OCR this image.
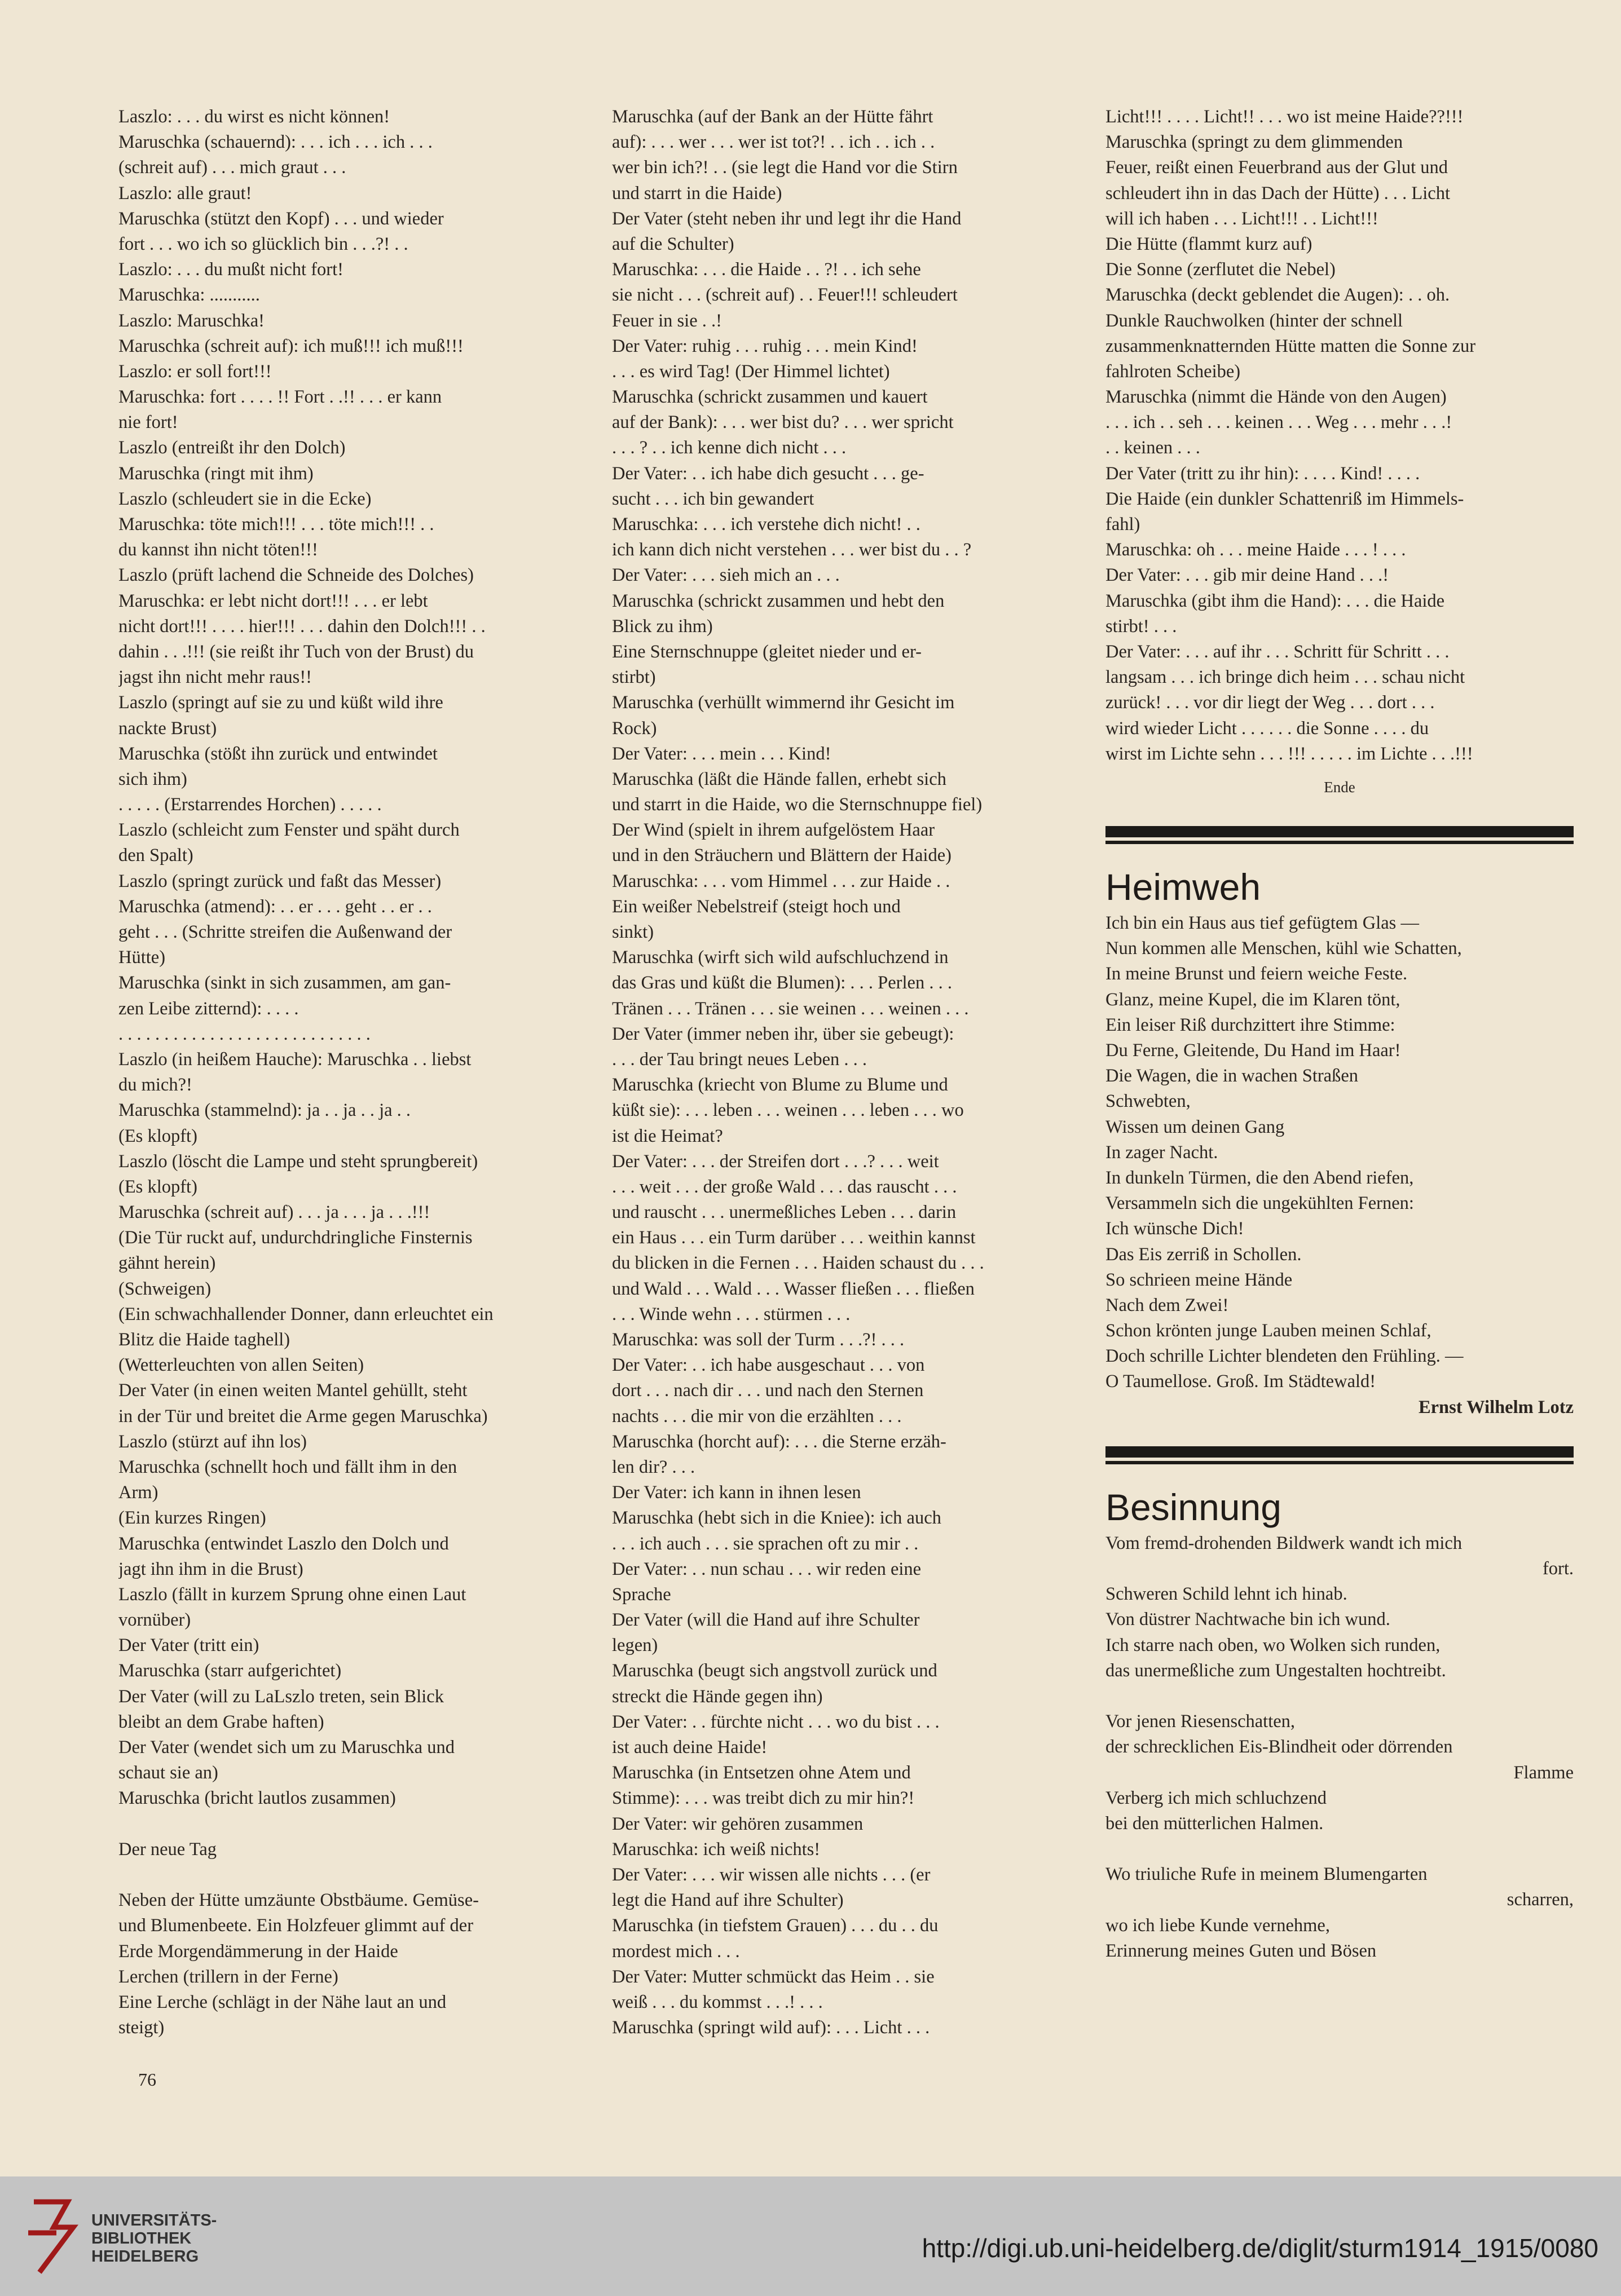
Laszlo: . . . du wirst es nicht können!
Maruschka (schauernd): . . . ich . . . ich . . .
(schreit auf) . . . mich graut . . .
Laszlo: alle graut!
Maruschka (stützt den Kopf) . . . und wieder
fort . . . wo ich so glücklich bin . . .?! . .
Laszlo: . . . du mußt nicht fort!
Maruschka: ...........
Laszlo: Maruschka!
Maruschka (schreit auf): ich muß!!! ich muß!!!
Laszlo: er soll fort!!!
Maruschka: fort . . . . !! Fort . .!! . . . er kann
nie fort!
Laszlo (entreißt ihr den Dolch)
Maruschka (ringt mit ihm)
Laszlo (schleudert sie in die Ecke)
Maruschka: töte mich!!! . . . töte mich!!! . .
du kannst ihn nicht töten!!!
Laszlo (prüft lachend die Schneide des Dolches)
Maruschka: er lebt nicht dort!!! . . . er lebt
nicht dort!!! . . . . hier!!! . . . dahin den Dolch!!! . .
dahin . . .!!! (sie reißt ihr Tuch von der Brust) du
jagst ihn nicht mehr raus!!
Laszlo (springt auf sie zu und küßt wild ihre
nackte Brust)
Maruschka (stößt ihn zurück und entwindet
sich ihm)
. . . . . (Erstarrendes Horchen) . . . . .
Laszlo (schleicht zum Fenster und späht durch
den Spalt)
Laszlo (springt zurück und faßt das Messer)
Maruschka (atmend): . . er . . . geht . . er . .
geht . . . (Schritte streifen die Außenwand der
Hütte)
Maruschka (sinkt in sich zusammen, am gan-
zen Leibe zitternd): . . . .
. . . . . . . . . . . . . . . . . . . . . . . . . . . .
Laszlo (in heißem Hauche): Maruschka . . liebst
du mich?!
Maruschka (stammelnd): ja . . ja . . ja . .
(Es klopft)
Laszlo (löscht die Lampe und steht sprungbereit)
(Es klopft)
Maruschka (schreit auf) . . . ja . . . ja . . .!!!
(Die Tür ruckt auf, undurchdringliche Finsternis
gähnt herein)
(Schweigen)
(Ein schwachhallender Donner, dann erleuchtet ein
Blitz die Haide taghell)
(Wetterleuchten von allen Seiten)
Der Vater (in einen weiten Mantel gehüllt, steht
in der Tür und breitet die Arme gegen Maruschka)
Laszlo (stürzt auf ihn los)
Maruschka (schnellt hoch und fällt ihm in den
Arm)
(Ein kurzes Ringen)
Maruschka (entwindet Laszlo den Dolch und
jagt ihn ihm in die Brust)
Laszlo (fällt in kurzem Sprung ohne einen Laut
vornüber)
Der Vater (tritt ein)
Maruschka (starr aufgerichtet)
Der Vater (will zu LaLszlo treten, sein Blick
bleibt an dem Grabe haften)
Der Vater (wendet sich um zu Maruschka und
schaut sie an)
Maruschka (bricht lautlos zusammen)
Der neue Tag
Neben der Hütte umzäunte Obstbäume. Gemüse-
und Blumenbeete. Ein Holzfeuer glimmt auf der
Erde Morgendämmerung in der Haide
Lerchen (trillern in der Ferne)
Eine Lerche (schlägt in der Nähe laut an und
steigt)
Maruschka (auf der Bank an der Hütte fährt
auf): . . . wer . . . wer ist tot?! . . ich . . ich . .
wer bin ich?! . . (sie legt die Hand vor die Stirn
und starrt in die Haide)
Der Vater (steht neben ihr und legt ihr die Hand
auf die Schulter)
Maruschka: . . . die Haide . . ?! . . ich sehe
sie nicht . . . (schreit auf) . . Feuer!!! schleudert
Feuer in sie . .!
Der Vater: ruhig . . . ruhig . . . mein Kind!
. . . es wird Tag! (Der Himmel lichtet)
Maruschka (schrickt zusammen und kauert
auf der Bank): . . . wer bist du? . . . wer spricht
. . . ? . . ich kenne dich nicht . . .
Der Vater: . . ich habe dich gesucht . . . ge-
sucht . . . ich bin gewandert
Maruschka: . . . ich verstehe dich nicht! . .
ich kann dich nicht verstehen . . . wer bist du . . ?
Der Vater: . . . sieh mich an . . .
Maruschka (schrickt zusammen und hebt den
Blick zu ihm)
Eine Sternschnuppe (gleitet nieder und er-
stirbt)
Maruschka (verhüllt wimmernd ihr Gesicht im
Rock)
Der Vater: . . . mein . . . Kind!
Maruschka (läßt die Hände fallen, erhebt sich
und starrt in die Haide, wo die Sternschnuppe fiel)
Der Wind (spielt in ihrem aufgelöstem Haar
und in den Sträuchern und Blättern der Haide)
Maruschka: . . . vom Himmel . . . zur Haide . .
Ein weißer Nebelstreif (steigt hoch und
sinkt)
Maruschka (wirft sich wild aufschluchzend in
das Gras und küßt die Blumen): . . . Perlen . . .
Tränen . . . Tränen . . . sie weinen . . . weinen . . .
Der Vater (immer neben ihr, über sie gebeugt):
. . . der Tau bringt neues Leben . . .
Maruschka (kriecht von Blume zu Blume und
küßt sie): . . . leben . . . weinen . . . leben . . . wo
ist die Heimat?
Der Vater: . . . der Streifen dort . . .? . . . weit
. . . weit . . . der große Wald . . . das rauscht . . .
und rauscht . . . unermeßliches Leben . . . darin
ein Haus . . . ein Turm darüber . . . weithin kannst
du blicken in die Fernen . . . Haiden schaust du . . .
und Wald . . . Wald . . . Wasser fließen . . . fließen
. . . Winde wehn . . . stürmen . . .
Maruschka: was soll der Turm . . .?! . . .
Der Vater: . . ich habe ausgeschaut . . . von
dort . . . nach dir . . . und nach den Sternen
nachts . . . die mir von die erzählten . . .
Maruschka (horcht auf): . . . die Sterne erzäh-
len dir? . . .
Der Vater: ich kann in ihnen lesen
Maruschka (hebt sich in die Kniee): ich auch
. . . ich auch . . . sie sprachen oft zu mir . .
Der Vater: . . nun schau . . . wir reden eine
Sprache
Der Vater (will die Hand auf ihre Schulter
legen)
Maruschka (beugt sich angstvoll zurück und
streckt die Hände gegen ihn)
Der Vater: . . fürchte nicht . . . wo du bist . . .
ist auch deine Haide!
Maruschka (in Entsetzen ohne Atem und
Stimme): . . . was treibt dich zu mir hin?!
Der Vater: wir gehören zusammen
Maruschka: ich weiß nichts!
Der Vater: . . . wir wissen alle nichts . . . (er
legt die Hand auf ihre Schulter)
Maruschka (in tiefstem Grauen) . . . du . . du
mordest mich . . .
Der Vater: Mutter schmückt das Heim . . sie
weiß . . . du kommst . . .! . . .
Maruschka (springt wild auf): . . . Licht . . .
Licht!!! . . . . Licht!! . . . wo ist meine Haide??!!!
Maruschka (springt zu dem glimmenden
Feuer, reißt einen Feuerbrand aus der Glut und
schleudert ihn in das Dach der Hütte) . . . Licht
will ich haben . . . Licht!!! . . Licht!!!
Die Hütte (flammt kurz auf)
Die Sonne (zerflutet die Nebel)
Maruschka (deckt geblendet die Augen): . . oh.
Dunkle Rauchwolken (hinter der schnell
zusammenknatternden Hütte matten die Sonne zur
fahlroten Scheibe)
Maruschka (nimmt die Hände von den Augen)
. . . ich . . seh . . . keinen . . . Weg . . . mehr . . .!
. . keinen . . .
Der Vater (tritt zu ihr hin): . . . . Kind! . . . .
Die Haide (ein dunkler Schattenriß im Himmels-
fahl)
Maruschka: oh . . . meine Haide . . . ! . . .
Der Vater: . . . gib mir deine Hand . . .!
Maruschka (gibt ihm die Hand): . . . die Haide
stirbt! . . .
Der Vater: . . . auf ihr . . . Schritt für Schritt . . .
langsam . . . ich bringe dich heim . . . schau nicht
zurück! . . . vor dir liegt der Weg . . . dort . . .
wird wieder Licht . . . . . . die Sonne . . . . du
wirst im Lichte sehn . . . !!! . . . . . im Lichte . . .!!!
Ende
Heimweh
Ich bin ein Haus aus tief gefügtem Glas —
Nun kommen alle Menschen, kühl wie Schatten,
In meine Brunst und feiern weiche Feste.
Glanz, meine Kupel, die im Klaren tönt,
Ein leiser Riß durchzittert ihre Stimme:
Du Ferne, Gleitende, Du Hand im Haar!
Die Wagen, die in wachen Straßen
Schwebten,
Wissen um deinen Gang
In zager Nacht.
In dunkeln Türmen, die den Abend riefen,
Versammeln sich die ungekühlten Fernen:
Ich wünsche Dich!
Das Eis zerriß in Schollen.
So schrieen meine Hände
Nach dem Zwei!
Schon krönten junge Lauben meinen Schlaf,
Doch schrille Lichter blendeten den Frühling. —
O Taumellose. Groß. Im Städtewald!
Ernst Wilhelm Lotz
Besinnung
Vom fremd-drohenden Bildwerk wandt ich mich
fort.
Schweren Schild lehnt ich hinab.
Von düstrer Nachtwache bin ich wund.
Ich starre nach oben, wo Wolken sich runden,
das unermeßliche zum Ungestalten hochtreibt.
Vor jenen Riesenschatten,
der schrecklichen Eis-Blindheit oder dörrenden
Flamme
Verberg ich mich schluchzend
bei den mütterlichen Halmen.
Wo triuliche Rufe in meinem Blumengarten
scharren,
wo ich liebe Kunde vernehme,
Erinnerung meines Guten und Bösen
76
UNIVERSITÄTS-
BIBLIOTHEK
HEIDELBERG	http://digi.ub.uni-heidelberg.de/diglit/sturm1914_1915/0080
